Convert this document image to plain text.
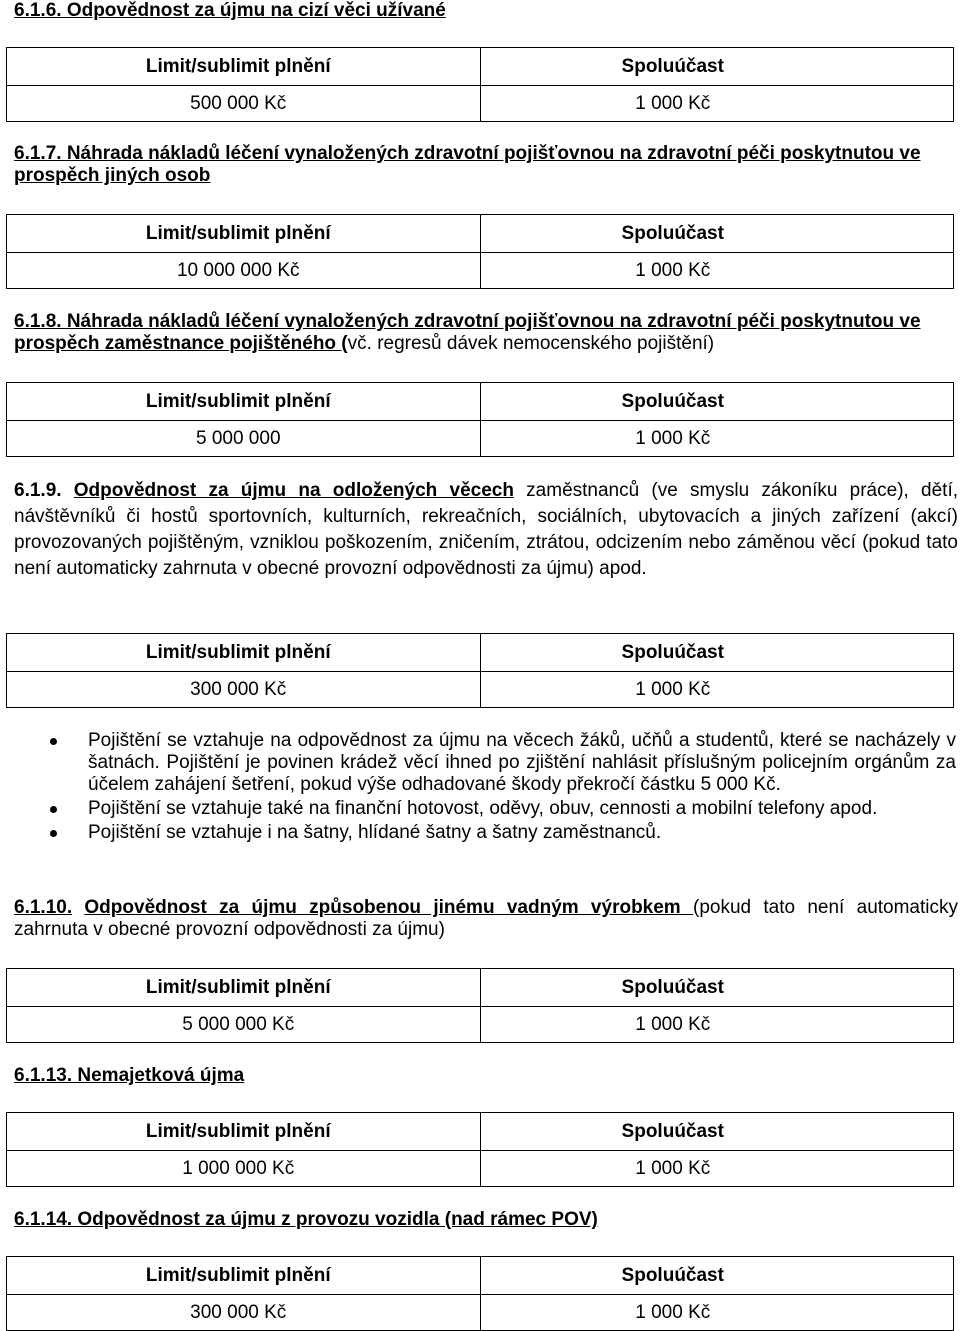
6.1.6. Odpovědnost za újmu na cizí věci užívané
Limit/sublimit plnění	Spoluúčast
500 000 Kč	1 000 Kč
6.1.7. Náhrada nákladů léčení vynaložených zdravotní pojišťovnou na zdravotní péči poskytnutou ve prospěch jiných osob
Limit/sublimit plnění	Spoluúčast
10 000 000 Kč	1 000 Kč
6.1.8. Náhrada nákladů léčení vynaložených zdravotní pojišťovnou na zdravotní péči poskytnutou ve prospěch zaměstnance pojištěného (vč. regresů dávek nemocenského pojištění)
Limit/sublimit plnění	Spoluúčast
5 000 000	1 000 Kč
6.1.9. Odpovědnost za újmu na odložených věcech zaměstnanců (ve smyslu zákoníku práce), dětí, návštěvníků či hostů sportovních, kulturních, rekreačních, sociálních, ubytovacích a jiných zařízení (akcí) provozovaných pojištěným, vzniklou poškozením, zničením, ztrátou, odcizením nebo záměnou věcí (pokud tato není automaticky zahrnuta v obecné provozní odpovědnosti za újmu) apod.
Limit/sublimit plnění	Spoluúčast
300 000 Kč	1 000 Kč
Pojištění se vztahuje na odpovědnost za újmu na věcech žáků, učňů a studentů, které se nacházely v šatnách. Pojištění je povinen krádež věcí ihned po zjištění nahlásit příslušným policejním orgánům za účelem zahájení šetření, pokud výše odhadované škody překročí částku 5 000 Kč.
Pojištění se vztahuje také na finanční hotovost, oděvy, obuv, cennosti a mobilní telefony apod.
Pojištění se vztahuje i na šatny, hlídané šatny a šatny zaměstnanců.
6.1.10. Odpovědnost za újmu způsobenou jinému vadným výrobkem (pokud tato není automaticky zahrnuta v obecné provozní odpovědnosti za újmu)
Limit/sublimit plnění	Spoluúčast
5 000 000 Kč	1 000 Kč
6.1.13. Nemajetková újma
Limit/sublimit plnění	Spoluúčast
1 000 000 Kč	1 000 Kč
6.1.14. Odpovědnost za újmu z provozu vozidla (nad rámec POV)
Limit/sublimit plnění	Spoluúčast
300 000 Kč	1 000 Kč
